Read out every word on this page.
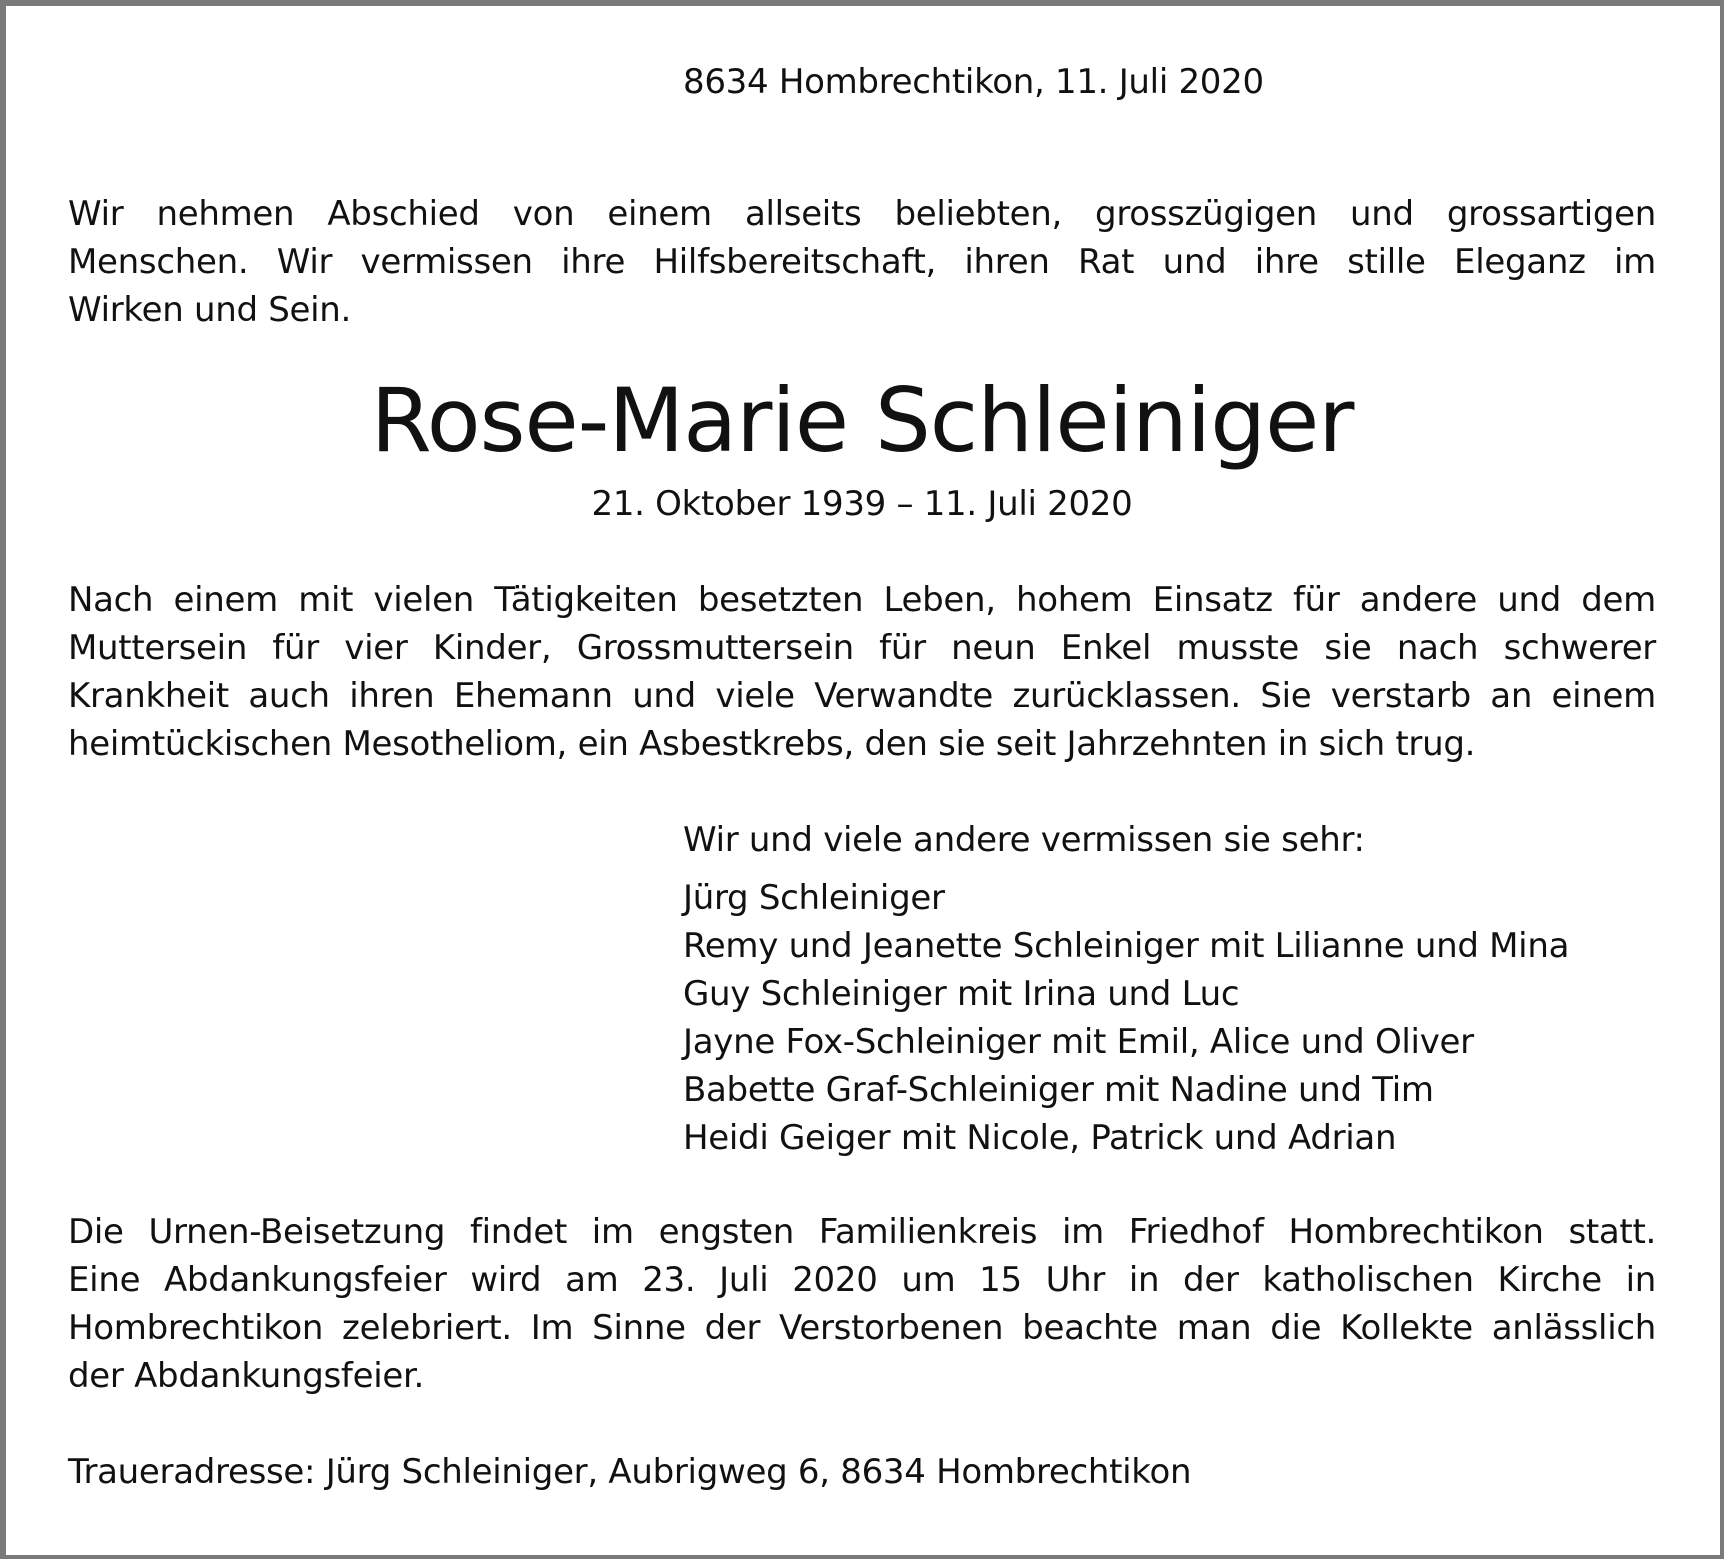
8634 Hombrechtikon, 11. Juli 2020
Wir nehmen Abschied von einem allseits beliebten, grosszügigen und grossartigen
Menschen. Wir vermissen ihre Hilfsbereitschaft, ihren Rat und ihre stille Eleganz im
Wirken und Sein.
Rose-Marie Schleiniger
21. Oktober 1939 – 11. Juli 2020
Nach einem mit vielen Tätigkeiten besetzten Leben, hohem Einsatz für andere und dem
Muttersein für vier Kinder, Grossmuttersein für neun Enkel musste sie nach schwerer
Krankheit auch ihren Ehemann und viele Verwandte zurücklassen. Sie verstarb an einem
heimtückischen Mesotheliom, ein Asbestkrebs, den sie seit Jahrzehnten in sich trug.
Wir und viele andere vermissen sie sehr:
Jürg Schleiniger
Remy und Jeanette Schleiniger mit Lilianne und Mina
Guy Schleiniger mit Irina und Luc
Jayne Fox-Schleiniger mit Emil, Alice und Oliver
Babette Graf-Schleiniger mit Nadine und Tim
Heidi Geiger mit Nicole, Patrick und Adrian
Die Urnen-Beisetzung findet im engsten Familienkreis im Friedhof Hombrechtikon statt.
Eine Abdankungsfeier wird am 23. Juli 2020 um 15 Uhr in der katholischen Kirche in
Hombrechtikon zelebriert. Im Sinne der Verstorbenen beachte man die Kollekte anlässlich
der Abdankungsfeier.
Traueradresse: Jürg Schleiniger, Aubrigweg 6, 8634 Hombrechtikon
